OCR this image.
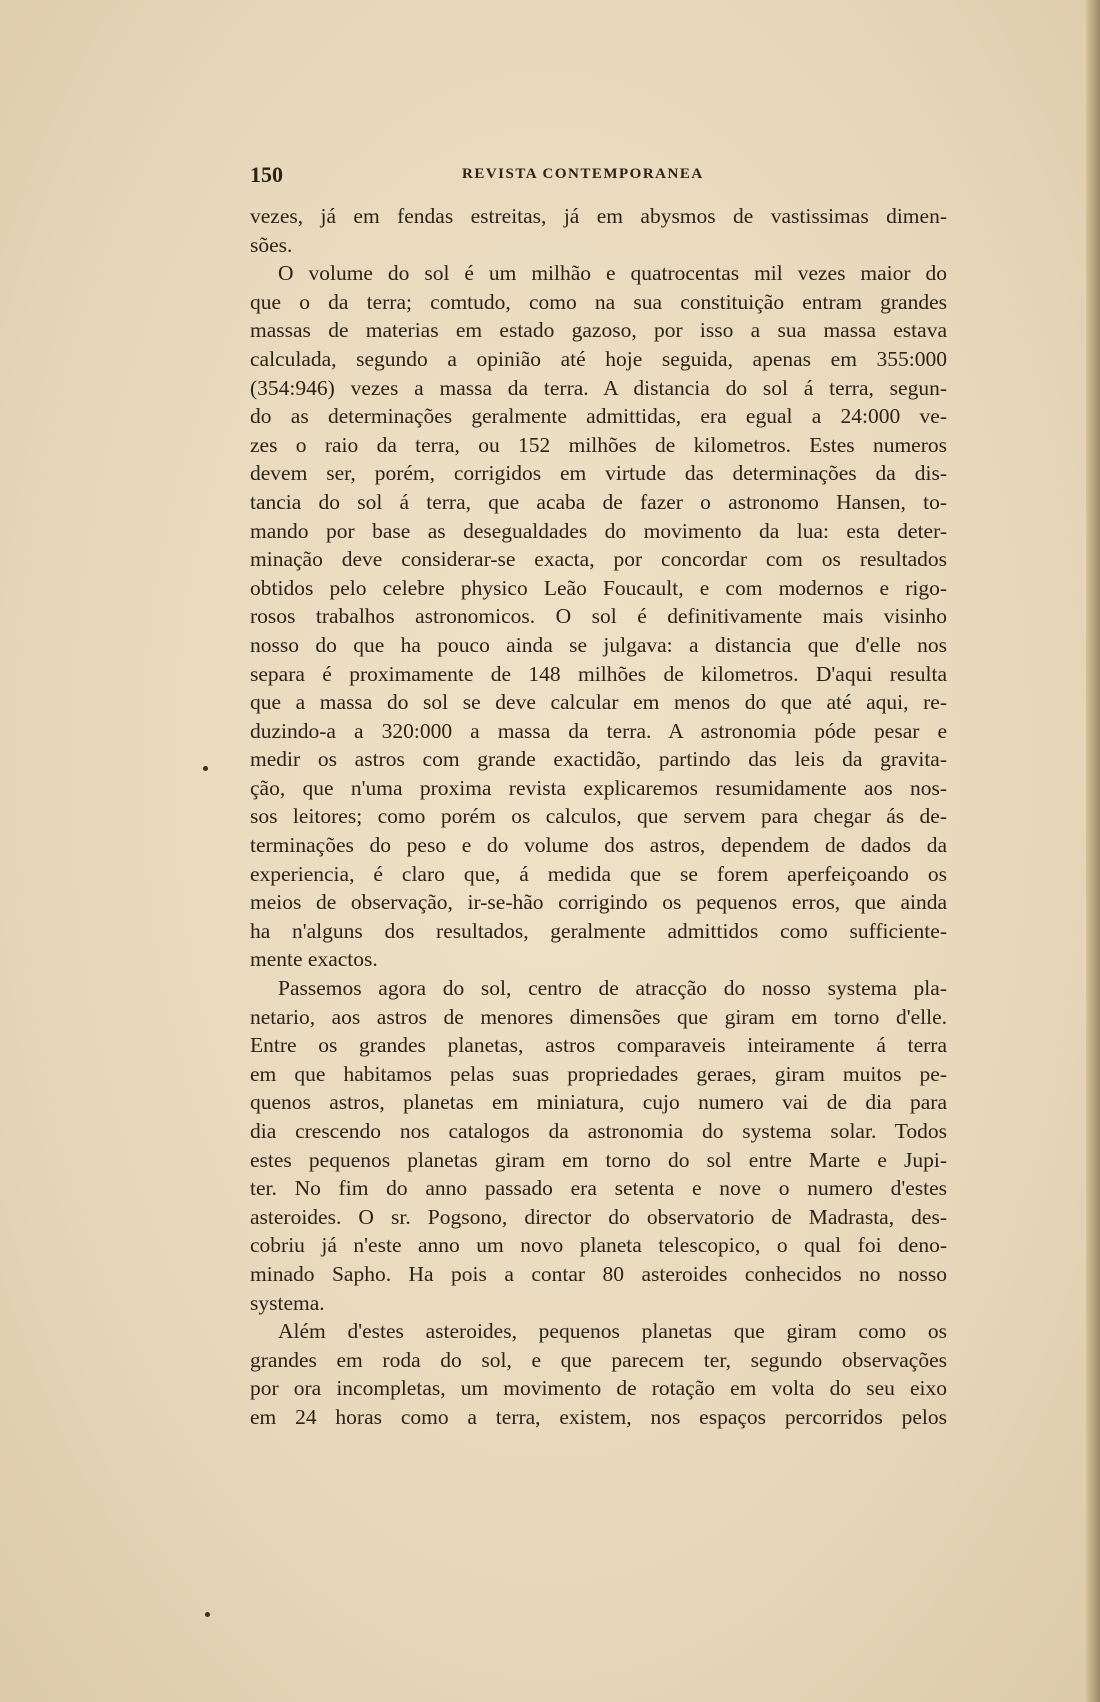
150	REVISTA CONTEMPORANEA
vezes, já em fendas estreitas, já em abysmos de vastissimas dimen-
sões.
O volume do sol é um milhão e quatrocentas mil vezes maior do
que o da terra; comtudo, como na sua constituição entram grandes
massas de materias em estado gazoso, por isso a sua massa estava
calculada, segundo a opinião até hoje seguida, apenas em 355:000
(354:946) vezes a massa da terra. A distancia do sol á terra, segun-
do as determinações geralmente admittidas, era egual a 24:000 ve-
zes o raio da terra, ou 152 milhões de kilometros. Estes numeros
devem ser, porém, corrigidos em virtude das determinações da dis-
tancia do sol á terra, que acaba de fazer o astronomo Hansen, to-
mando por base as desegualdades do movimento da lua: esta deter-
minação deve considerar-se exacta, por concordar com os resultados
obtidos pelo celebre physico Leão Foucault, e com modernos e rigo-
rosos trabalhos astronomicos. O sol é definitivamente mais visinho
nosso do que ha pouco ainda se julgava: a distancia que d'elle nos
separa é proximamente de 148 milhões de kilometros. D'aqui resulta
que a massa do sol se deve calcular em menos do que até aqui, re-
duzindo-a a 320:000 a massa da terra. A astronomia póde pesar e
medir os astros com grande exactidão, partindo das leis da gravita-
ção, que n'uma proxima revista explicaremos resumidamente aos nos-
sos leitores; como porém os calculos, que servem para chegar ás de-
terminações do peso e do volume dos astros, dependem de dados da
experiencia, é claro que, á medida que se forem aperfeiçoando os
meios de observação, ir-se-hão corrigindo os pequenos erros, que ainda
ha n'alguns dos resultados, geralmente admittidos como sufficiente-
mente exactos.
Passemos agora do sol, centro de atracção do nosso systema pla-
netario, aos astros de menores dimensões que giram em torno d'elle.
Entre os grandes planetas, astros comparaveis inteiramente á terra
em que habitamos pelas suas propriedades geraes, giram muitos pe-
quenos astros, planetas em miniatura, cujo numero vai de dia para
dia crescendo nos catalogos da astronomia do systema solar. Todos
estes pequenos planetas giram em torno do sol entre Marte e Jupi-
ter. No fim do anno passado era setenta e nove o numero d'estes
asteroides. O sr. Pogsono, director do observatorio de Madrasta, des-
cobriu já n'este anno um novo planeta telescopico, o qual foi deno-
minado Sapho. Ha pois a contar 80 asteroides conhecidos no nosso
systema.
Além d'estes asteroides, pequenos planetas que giram como os
grandes em roda do sol, e que parecem ter, segundo observações
por ora incompletas, um movimento de rotação em volta do seu eixo
em 24 horas como a terra, existem, nos espaços percorridos pelos
